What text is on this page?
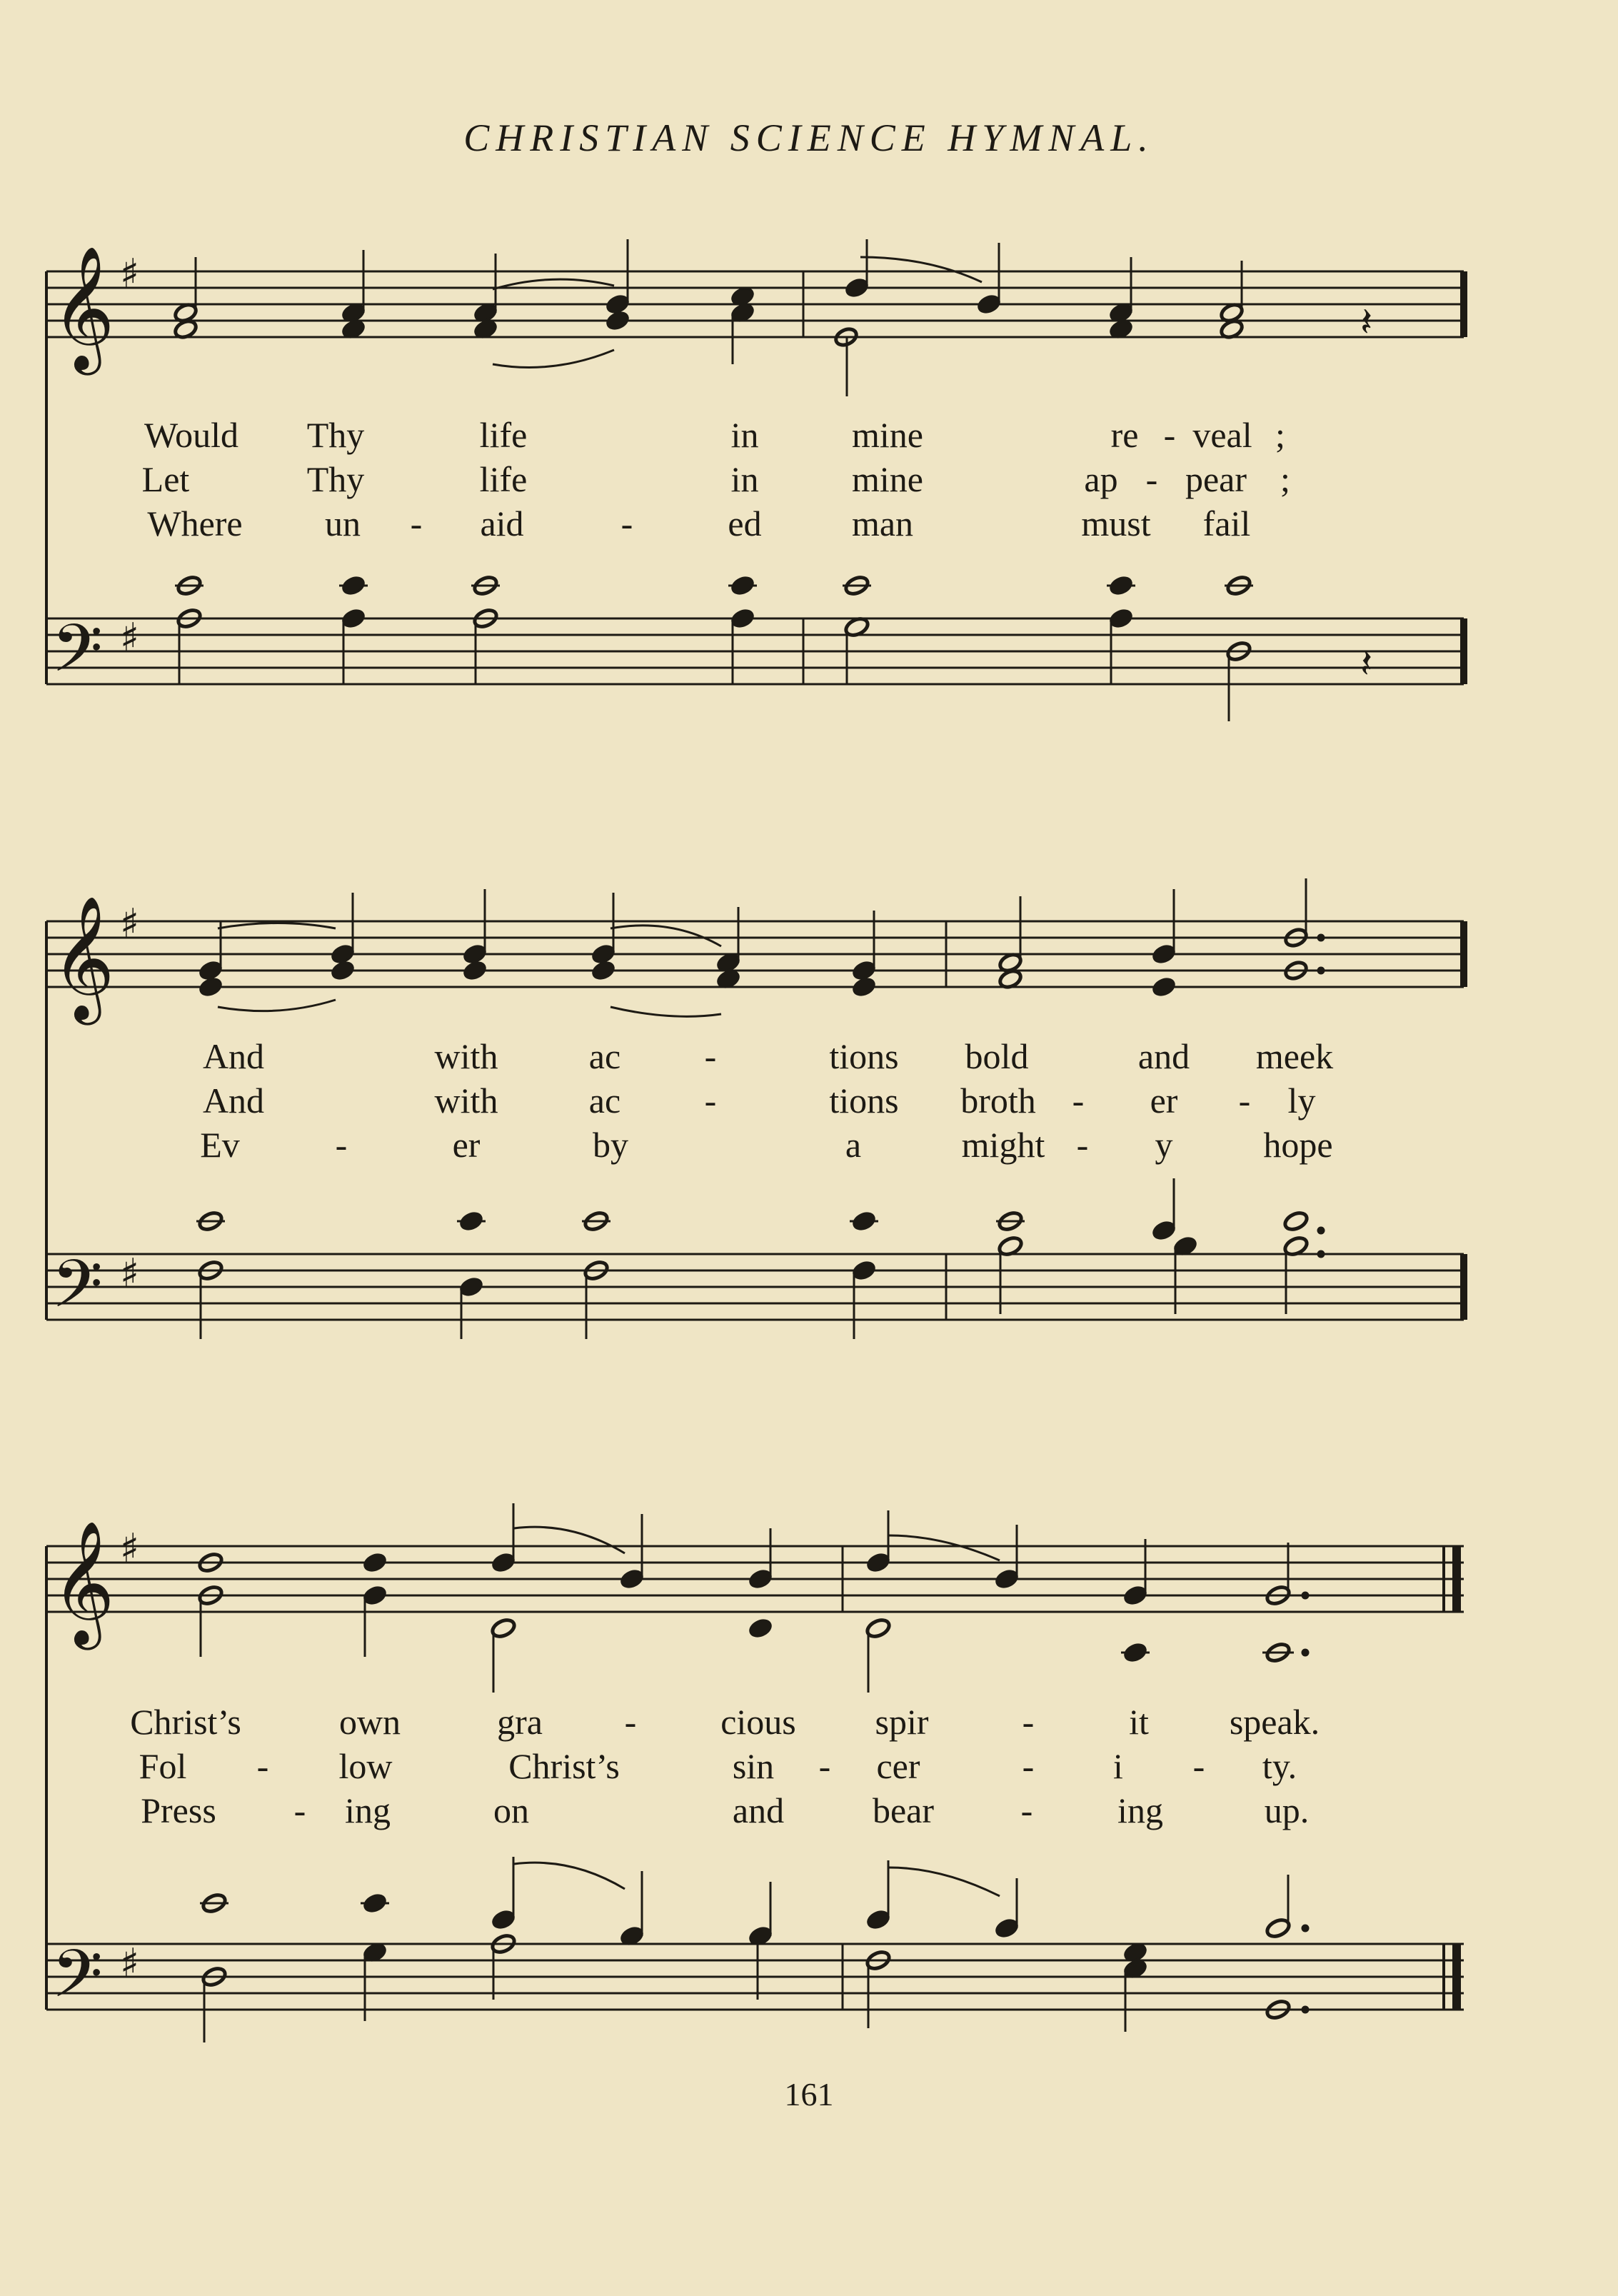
CHRISTIAN SCIENCE HYMNAL.
𝄞
𝄢
𝄞
𝄢
𝄞
𝄢
♯
♯
♯
♯
♯
♯
𝄽
𝄽
Would Thy	life	in	mine	re - veal ;
Let	Thy	life	in	mine	ap - pear ;
Where un - aid	-	ed	man	must fail
And	with	ac -	tions bold	and meek
And	with	ac -	tions broth - er - ly
Ev	-	er	by	a	might - y	hope
Christ’s	own	gra - cious spir	-	it speak.
Fol - low	Christ’s	sin - cer	- i - ty.
Press - ing	on	and bear - ing	up.
161
